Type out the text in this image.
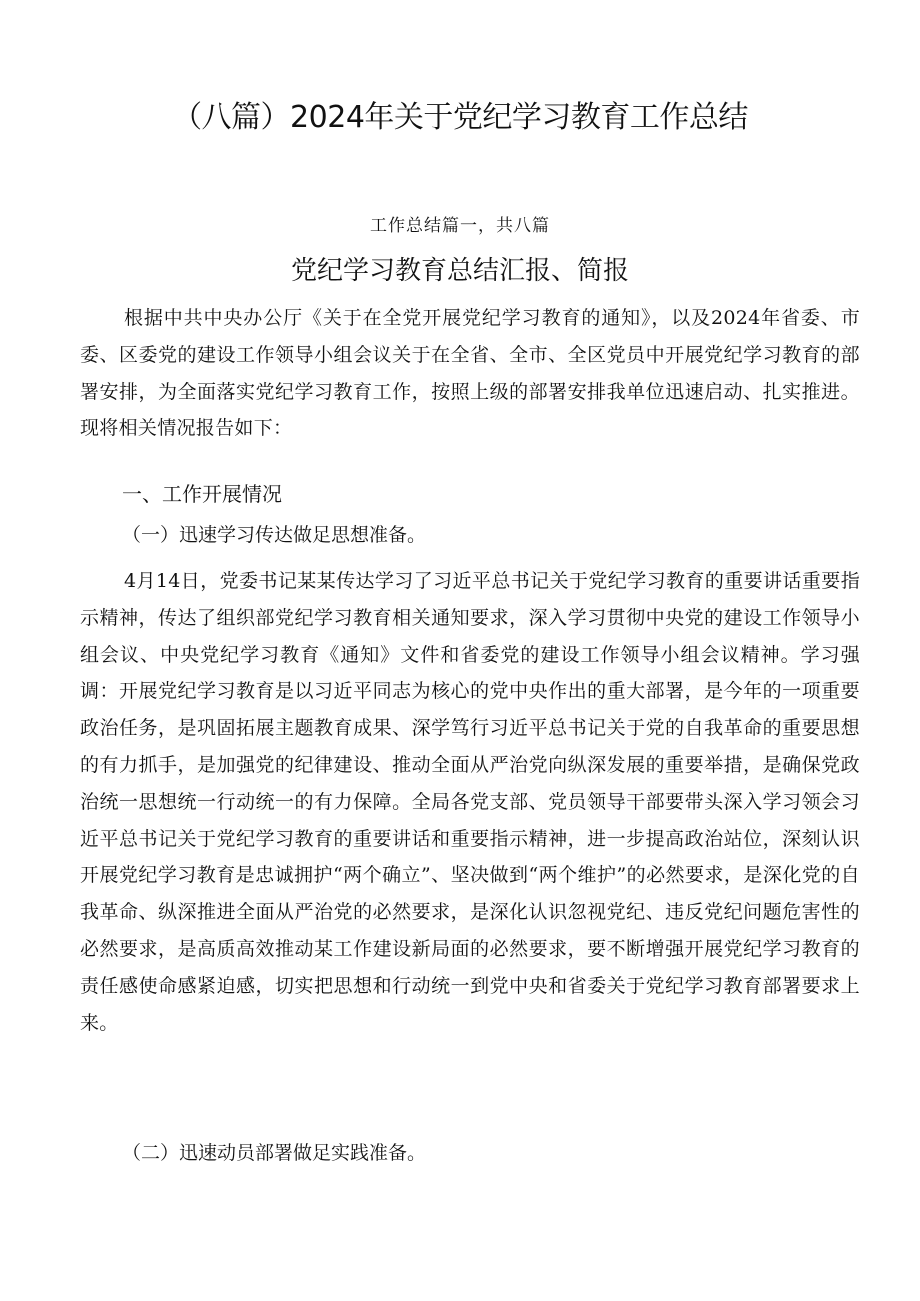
（八篇）2024年关于党纪学习教育工作总结
工作总结篇一，共八篇
党纪学习教育总结汇报、简报

根据中共中央办公厅《关于在全党开展党纪学习教育的通知》，以及2024年省委、市委、区委党的建设工作领导小组会议关于在全省、全市、全区党员中开展党纪学习教育的部署安排，为全面落实党纪学习教育工作，按照上级的部署安排我单位迅速启动、扎实推进。现将相关情况报告如下：

一、工作开展情况

（一）迅速学习传达做足思想准备。

4月14日，党委书记某某传达学习了习近平总书记关于党纪学习教育的重要讲话重要指示精神，传达了组织部党纪学习教育相关通知要求，深入学习贯彻中央党的建设工作领导小组会议、中央党纪学习教育《通知》文件和省委党的建设工作领导小组会议精神。学习强调：开展党纪学习教育是以习近平同志为核心的党中央作出的重大部署，是今年的一项重要政治任务，是巩固拓展主题教育成果、深学笃行习近平总书记关于党的自我革命的重要思想的有力抓手，是加强党的纪律建设、推动全面从严治党向纵深发展的重要举措，是确保党政治统一思想统一行动统一的有力保障。全局各党支部、党员领导干部要带头深入学习领会习近平总书记关于党纪学习教育的重要讲话和重要指示精神，进一步提高政治站位，深刻认识开展党纪学习教育是忠诚拥护“两个确立”、坚决做到“两个维护”的必然要求，是深化党的自我革命、纵深推进全面从严治党的必然要求，是深化认识忽视党纪、违反党纪问题危害性的必然要求，是高质高效推动某工作建设新局面的必然要求，要不断增强开展党纪学习教育的责任感使命感紧迫感，切实把思想和行动统一到党中央和省委关于党纪学习教育部署要求上来。

（二）迅速动员部署做足实践准备。
